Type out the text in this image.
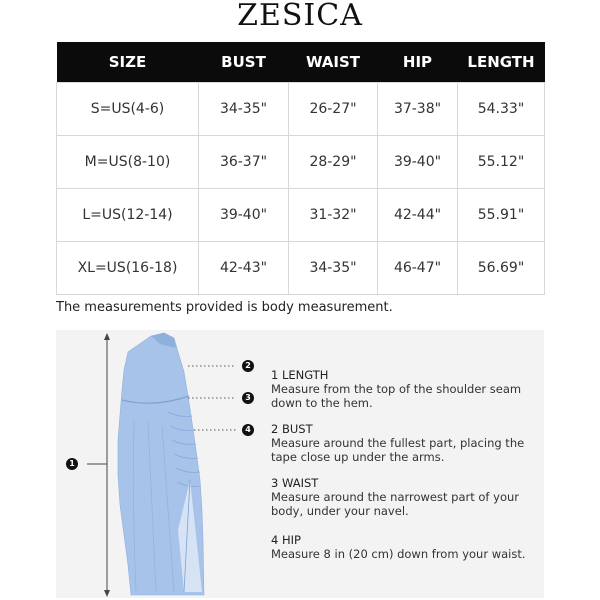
ZESICA
SIZE	BUST	WAIST	HIP	LENGTH
S=US(4-6)	34-35"	26-27"	37-38"	54.33"
M=US(8-10)	36-37"	28-29"	39-40"	55.12"
L=US(12-14)	39-40"	31-32"	42-44"	55.91"
XL=US(16-18)	42-43"	34-35"	46-47"	56.69"
The measurements provided is body measurement.
1
2
3
4
1 LENGTH
Measure from the top of the shoulder seam down to the hem.
2 BUST
Measure around the fullest part, placing the tape close up under the arms.
3 WAIST
Measure around the narrowest part of your body, under your navel.
4 HIP
Measure 8 in (20 cm) down from your waist.
